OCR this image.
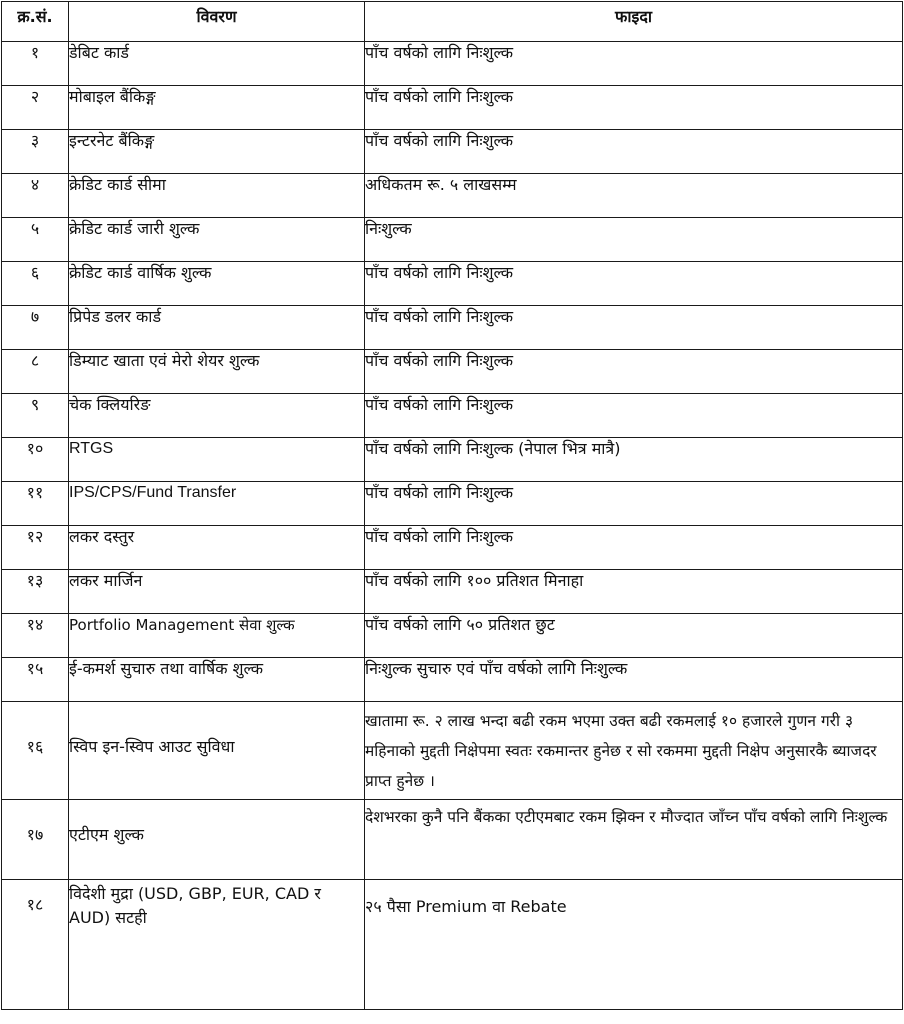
क्र.सं.	विवरण	फाइदा
१	डेबिट कार्ड	पाँच वर्षको लागि निःशुल्क
२	मोबाइल बैंकिङ्ग	पाँच वर्षको लागि निःशुल्क
३	इन्टरनेट बैंकिङ्ग	पाँच वर्षको लागि निःशुल्क
४	क्रेडिट कार्ड सीमा	अधिकतम रू. ५ लाखसम्म
५	क्रेडिट कार्ड जारी शुल्क	निःशुल्क
६	क्रेडिट कार्ड वार्षिक शुल्क	पाँच वर्षको लागि निःशुल्क
७	प्रिपेड डलर कार्ड	पाँच वर्षको लागि निःशुल्क
८	डिम्याट खाता एवं मेरो शेयर शुल्क	पाँच वर्षको लागि निःशुल्क
९	चेक क्लियरिङ	पाँच वर्षको लागि निःशुल्क
१०	RTGS	पाँच वर्षको लागि निःशुल्क (नेपाल भित्र मात्रै)
११	IPS/CPS/Fund Transfer	पाँच वर्षको लागि निःशुल्क
१२	लकर दस्तुर	पाँच वर्षको लागि निःशुल्क
१३	लकर मार्जिन	पाँच वर्षको लागि १०० प्रतिशत मिनाहा
१४	Portfolio Management सेवा शुल्क	पाँच वर्षको लागि ५० प्रतिशत छुट
१५	ई-कमर्श सुचारु तथा वार्षिक शुल्क	निःशुल्क सुचारु एवं पाँच वर्षको लागि निःशुल्क
१६	स्विप इन-स्विप आउट सुविधा	खातामा रू. २ लाख भन्दा बढी रकम भएमा उक्त बढी रकमलाई १० हजारले गुणन गरी ३ महिनाको मुद्दती निक्षेपमा स्वतः रकमान्तर हुनेछ र सो रकममा मुद्दती निक्षेप अनुसारकै ब्याजदर प्राप्त हुनेछ ।
१७	एटीएम शुल्क	देशभरका कुनै पनि बैंकका एटीएमबाट रकम झिक्न र मौज्दात जाँच्न पाँच वर्षको लागि निःशुल्क
१८	विदेशी मुद्रा (USD, GBP, EUR, CAD र AUD) सटही	२५ पैसा Premium वा Rebate
